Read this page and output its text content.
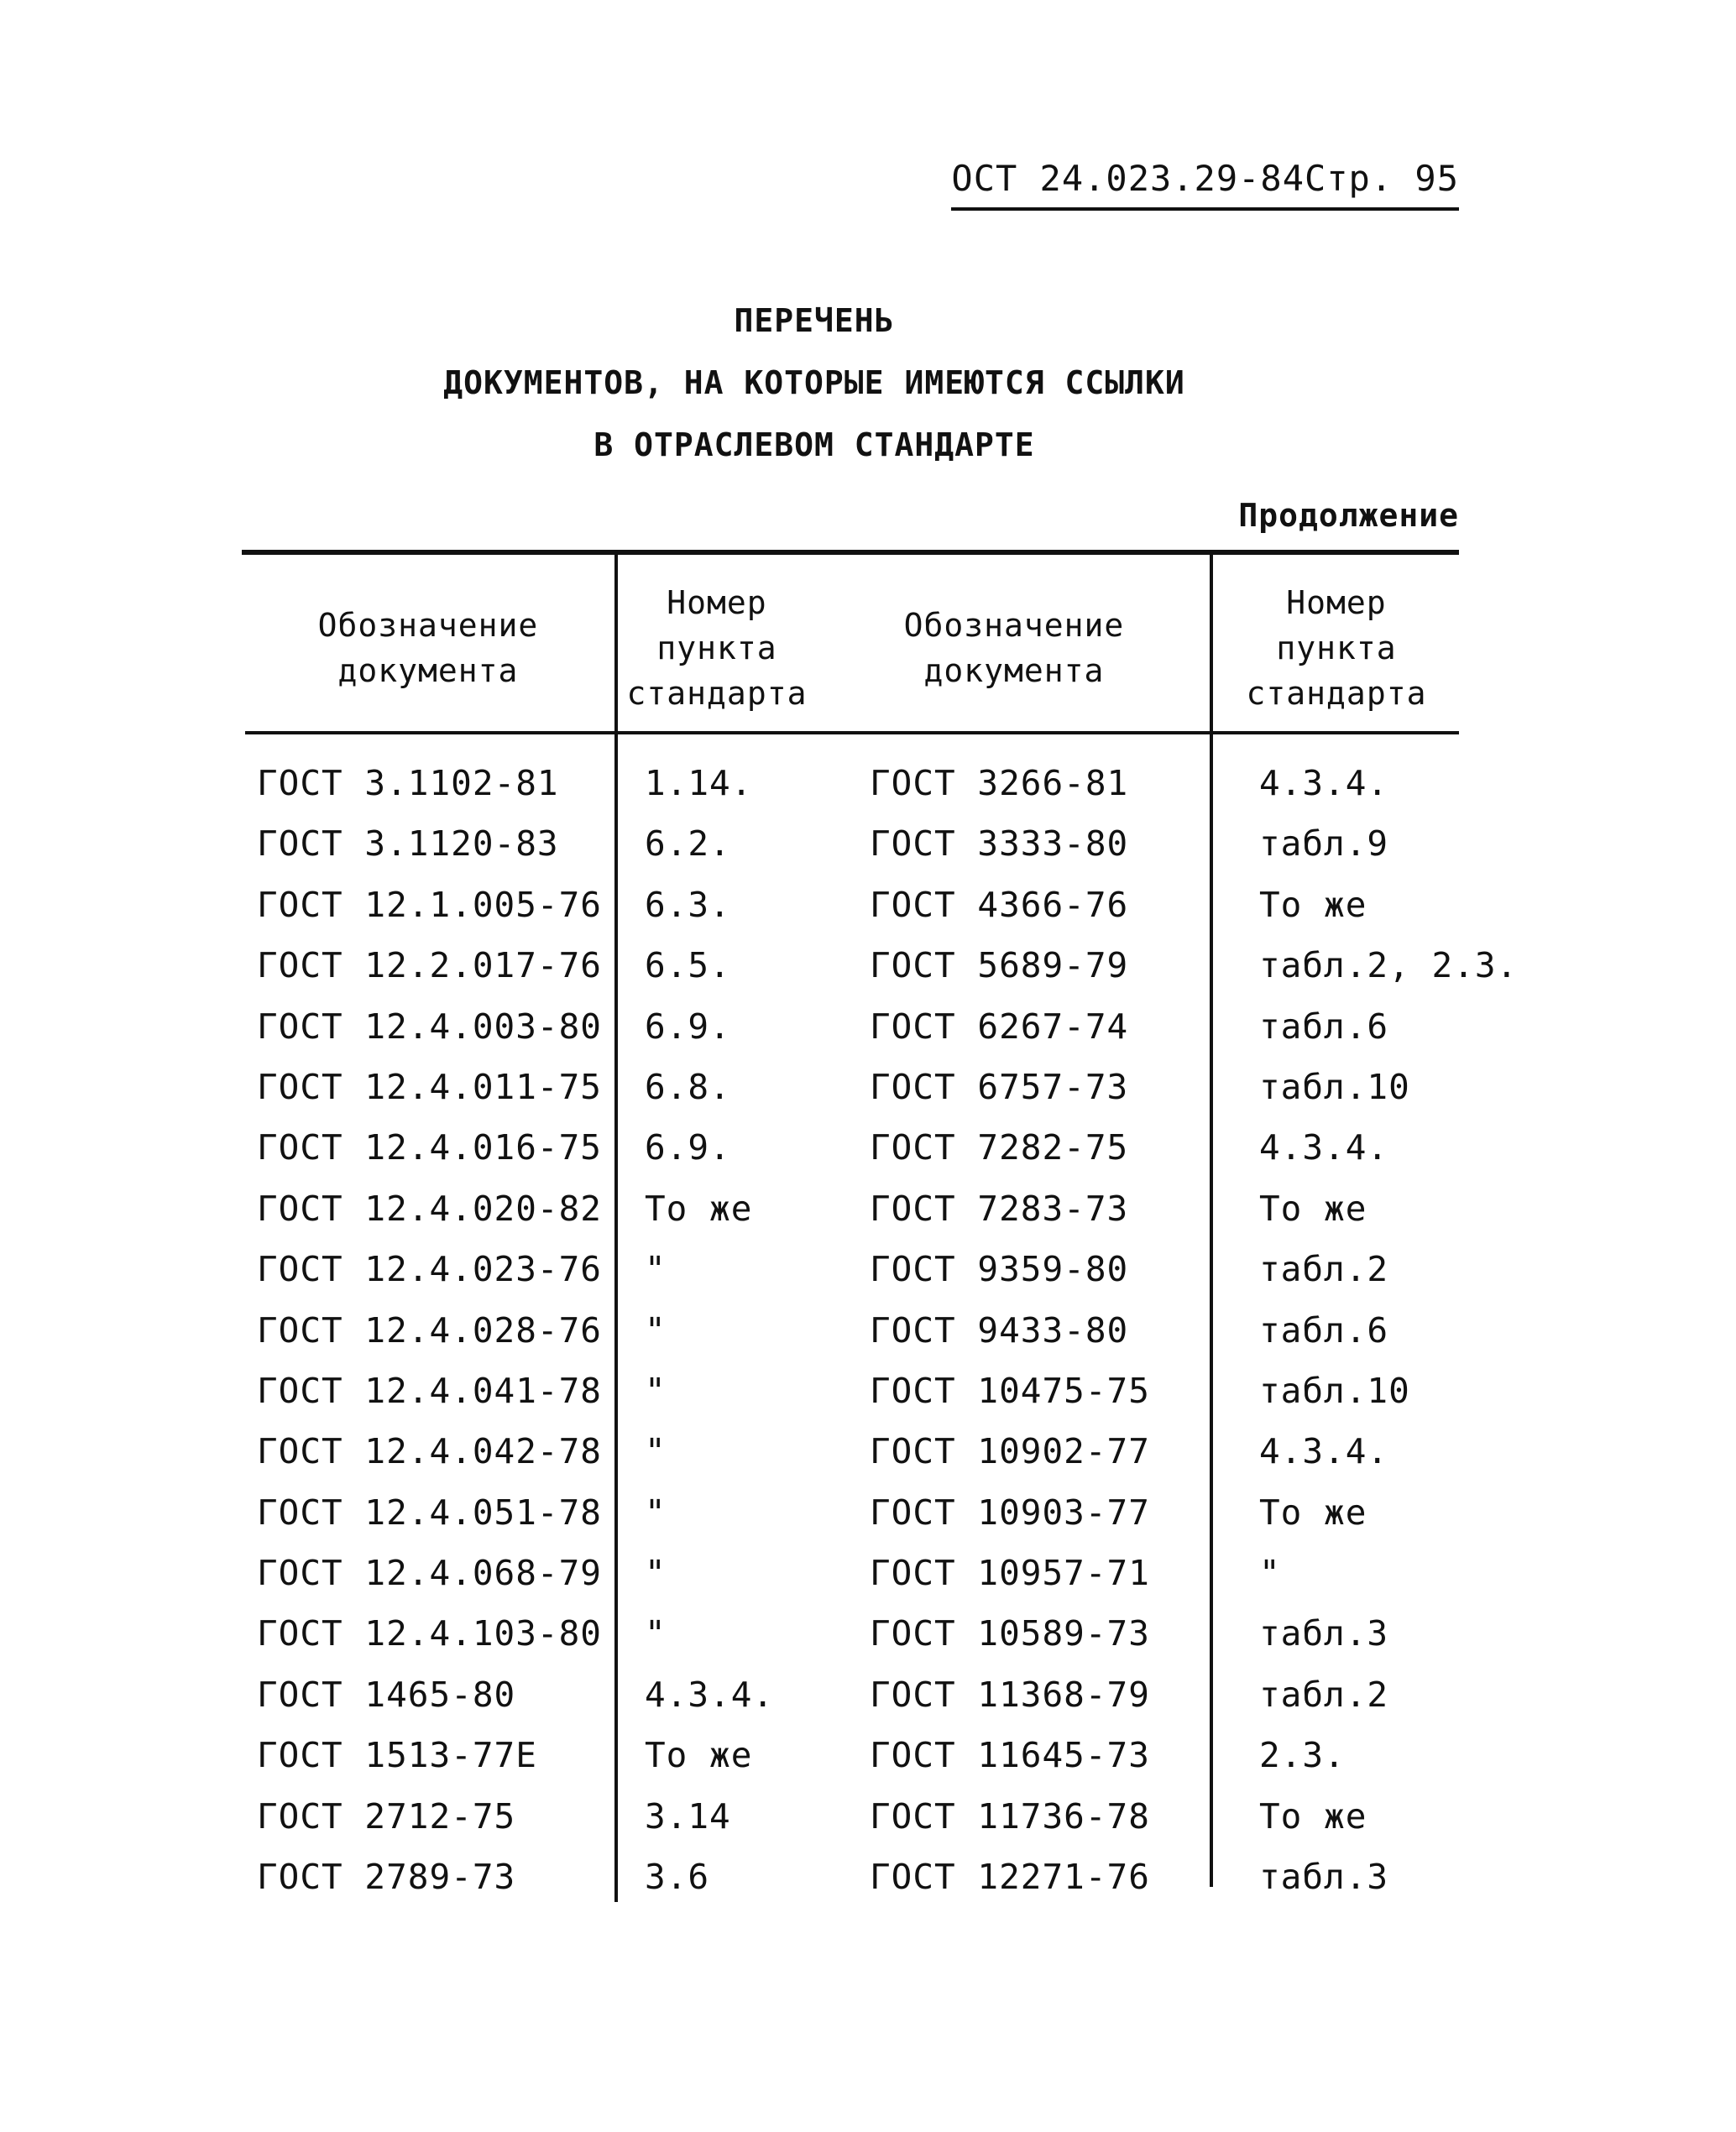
ОСТ 24.023.29-84Стр. 95
ПЕРЕЧЕНЬ
ДОКУМЕНТОВ, НА КОТОРЫЕ ИМЕЮТСЯ ССЫЛКИ
В ОТРАСЛЕВОМ СТАНДАРТЕ
Продолжение
Обозначение
документа
Номер
пункта
стандарта
Обозначение
документа
Номер
пункта
стандарта
ГОСТ 3.1102-81 1.14.	ГОСТ 3266-81	4.3.4.
ГОСТ 3.1120-83 6.2.	ГОСТ 3333-80	табл.9
ГОСТ 12.1.005-76 6.3.	ГОСТ 4366-76	То же
ГОСТ 12.2.017-76 6.5.	ГОСТ 5689-79	табл.2, 2.3.
ГОСТ 12.4.003-80 6.9.	ГОСТ 6267-74	табл.6
ГОСТ 12.4.011-75 6.8.	ГОСТ 6757-73	табл.10
ГОСТ 12.4.016-75 6.9.	ГОСТ 7282-75	4.3.4.
ГОСТ 12.4.020-82 То же	ГОСТ 7283-73	То же
ГОСТ 12.4.023-76 "	ГОСТ 9359-80	табл.2
ГОСТ 12.4.028-76 "	ГОСТ 9433-80	табл.6
ГОСТ 12.4.041-78 "	ГОСТ 10475-75	табл.10
ГОСТ 12.4.042-78 "	ГОСТ 10902-77	4.3.4.
ГОСТ 12.4.051-78 "	ГОСТ 10903-77	То же
ГОСТ 12.4.068-79 "	ГОСТ 10957-71	"
ГОСТ 12.4.103-80 "	ГОСТ 10589-73	табл.3
ГОСТ 1465-80	4.3.4.	ГОСТ 11368-79	табл.2
ГОСТ 1513-77Е	То же	ГОСТ 11645-73	2.3.
ГОСТ 2712-75	3.14	ГОСТ 11736-78	То же
ГОСТ 2789-73	3.6	ГОСТ 12271-76	табл.3
